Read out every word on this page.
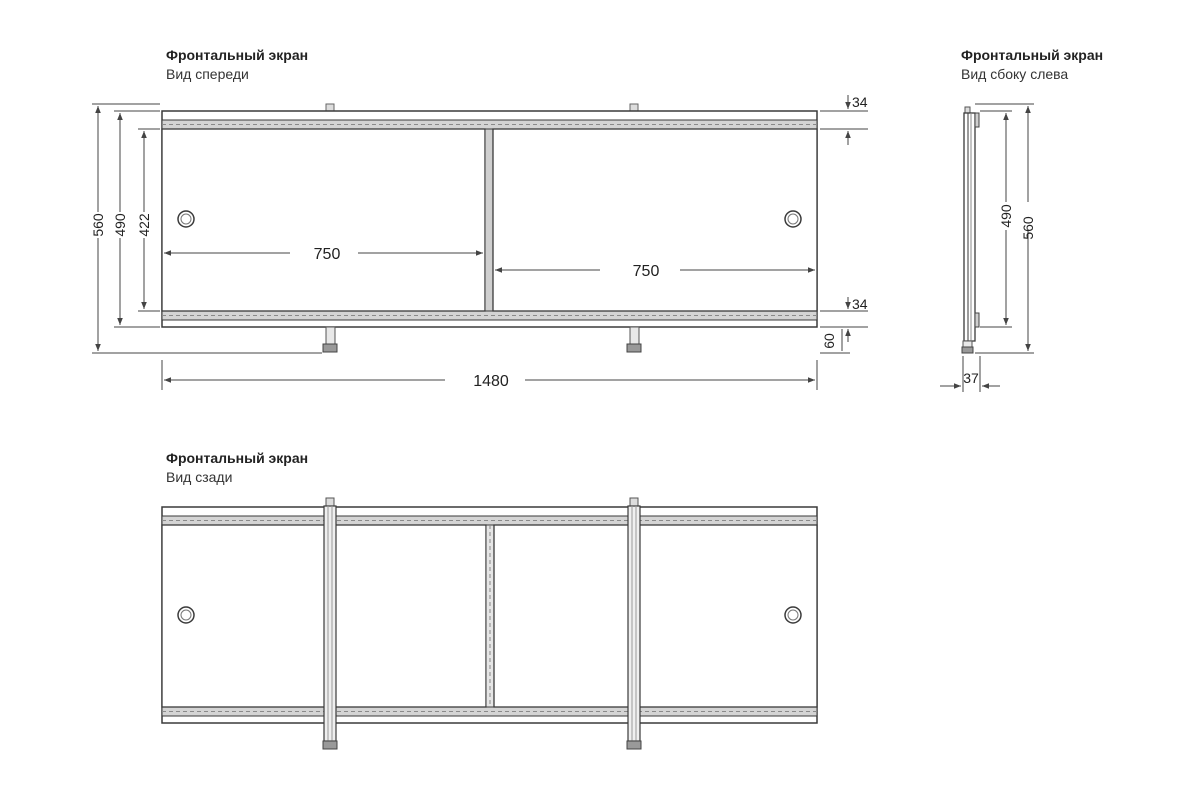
Фронтальный экран
Вид спереди
Фронтальный экран
Вид сбоку слева
Фронтальный экран
Вид сзади
560 490 422
750
750
1480
34
34
60
490
560
37
